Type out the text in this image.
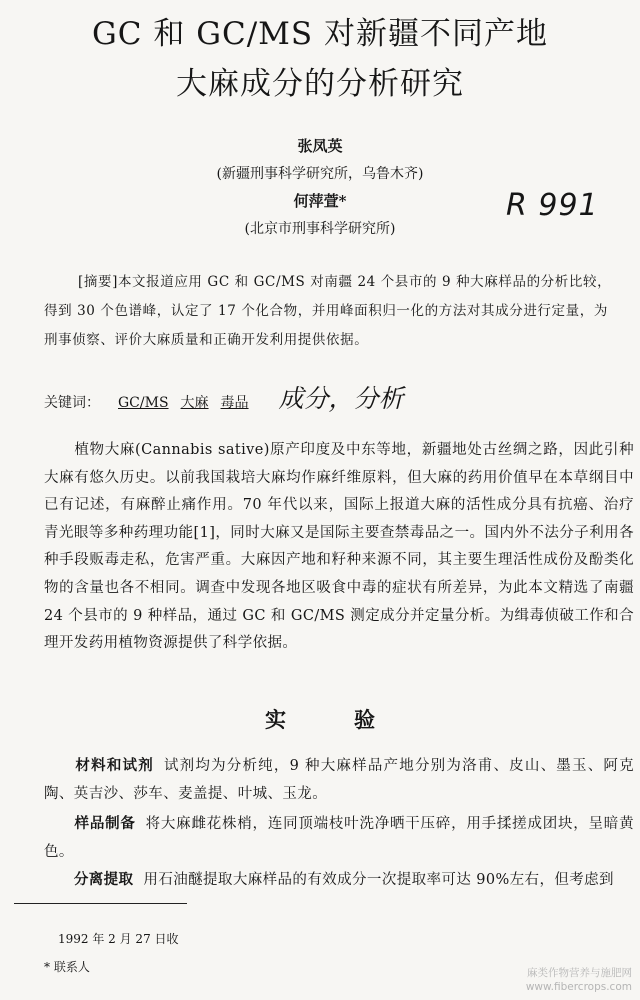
GC 和 GC/MS 对新疆不同产地
大麻成分的分析研究
张凤英
(新疆刑事科学研究所，乌鲁木齐)
何萍萱*
(北京市刑事科学研究所)
R 991

[摘要]本文报道应用 GC 和 GC/MS 对南疆 24 个县市的 9 种大麻样品的分析比较，得到 30 个色谱峰，认定了 17 个化合物，并用峰面积归一化的方法对其成分进行定量，为刑事侦察、评价大麻质量和正确开发利用提供依据。

关键词： GC/MS 大麻 毒品 成分，分析

　　植物大麻(Cannabis sative)原产印度及中东等地，新疆地处古丝绸之路，因此引种大麻有悠久历史。以前我国栽培大麻均作麻纤维原料，但大麻的药用价值早在本草纲目中已有记述，有麻醉止痛作用。70 年代以来，国际上报道大麻的活性成分具有抗癌、治疗青光眼等多种药理功能[1]，同时大麻又是国际主要查禁毒品之一。国内外不法分子利用各种手段贩毒走私，危害严重。大麻因产地和籽种来源不同，其主要生理活性成份及酚类化物的含量也各不相同。调查中发现各地区吸食中毒的症状有所差异，为此本文精选了南疆 24 个县市的 9 种样品，通过 GC 和 GC/MS 测定成分并定量分析。为缉毒侦破工作和合理开发药用植物资源提供了科学依据。

实验

　　材料和试剂 试剂均为分析纯，9 种大麻样品产地分别为洛甫、皮山、墨玉、阿克陶、英吉沙、莎车、麦盖提、叶城、玉龙。

　　样品制备 将大麻雌花株梢，连同顶端枝叶洗净晒干压碎，用手揉搓成团块，呈暗黄色。

　　分离提取 用石油醚提取大麻样品的有效成分一次提取率可达 90%左右，但考虑到

1992 年 2 月 27 日收
* 联系人	麻类作物营养与施肥网
www.fibercrops.com
